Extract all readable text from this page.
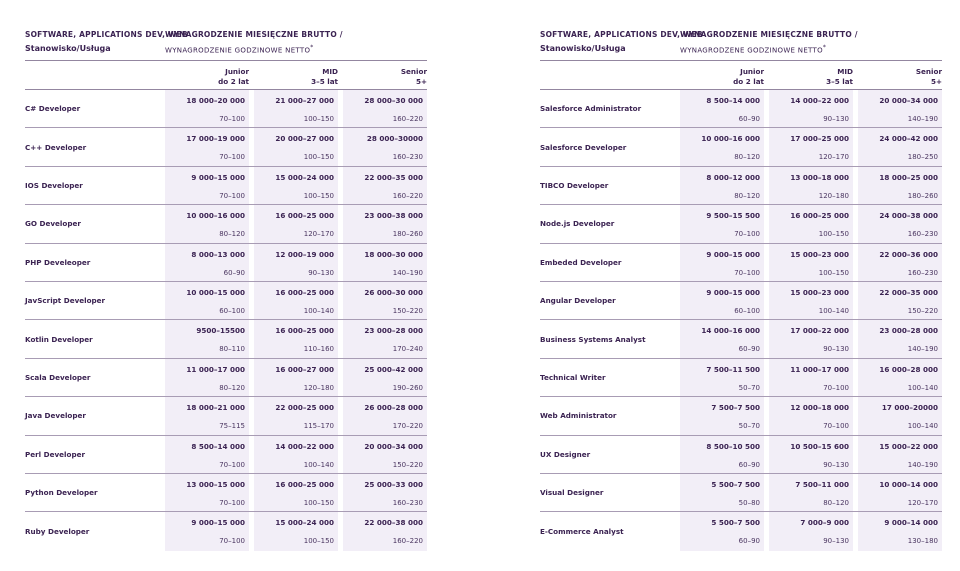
SOFTWARE, APPLICATIONS DEV, WEB
Stanowisko/Usługa
WYNAGRODZENIE MIESIĘCZNE BRUTTO /
WYNAGRODZENIE GODZINOWE NETTO*
Junior
do 2 lat
MID
3–5 lat
Senior
5+
C# Developer
18 000–20 000
70–100
21 000–27 000
100–150
28 000–30 000
160–220
C++ Developer
17 000–19 000
70–100
20 000–27 000
100–150
28 000–30000
160–230
IOS Developer
9 000–15 000
70–100
15 000–24 000
100–150
22 000–35 000
160–220
GO Developer
10 000–16 000
80–120
16 000–25 000
120–170
23 000–38 000
180–260
PHP Develeoper
8 000–13 000
60–90
12 000–19 000
90–130
18 000–30 000
140–190
JavScript Developer
10 000–15 000
60–100
16 000–25 000
100–140
26 000–30 000
150–220
Kotlin Developer
9500–15500
80–110
16 000–25 000
110–160
23 000–28 000
170–240
Scala Developer
11 000–17 000
80–120
16 000–27 000
120–180
25 000–42 000
190–260
Java Developer
18 000–21 000
75–115
22 000–25 000
115–170
26 000–28 000
170–220
Perl Developer
8 500–14 000
70–100
14 000–22 000
100–140
20 000–34 000
150–220
Python Developer
13 000–15 000
70–100
16 000–25 000
100–150
25 000–33 000
160–230
Ruby Developer
9 000–15 000
70–100
15 000–24 000
100–150
22 000–38 000
160–220
SOFTWARE, APPLICATIONS DEV, WEB
Stanowisko/Usługa
WYNAGRODZENIE MIESIĘCZNE BRUTTO /
WYNAGRODZENE GODZINOWE NETTO*
Junior
do 2 lat
MID
3–5 lat
Senior
5+
Salesforce Administrator
8 500–14 000
60–90
14 000–22 000
90–130
20 000–34 000
140–190
Salesforce Developer
10 000–16 000
80–120
17 000–25 000
120–170
24 000–42 000
180–250
TIBCO Developer
8 000–12 000
80–120
13 000–18 000
120–180
18 000–25 000
180–260
Node.js Developer
9 500–15 500
70–100
16 000–25 000
100–150
24 000–38 000
160–230
Embeded Developer
9 000–15 000
70–100
15 000–23 000
100–150
22 000–36 000
160–230
Angular Developer
9 000–15 000
60–100
15 000–23 000
100–140
22 000–35 000
150–220
Business Systems Analyst
14 000–16 000
60–90
17 000–22 000
90–130
23 000–28 000
140–190
Technical Writer
7 500–11 500
50–70
11 000–17 000
70–100
16 000–28 000
100–140
Web Administrator
7 500–7 500
50–70
12 000–18 000
70–100
17 000–20000
100–140
UX Designer
8 500–10 500
60–90
10 500–15 600
90–130
15 000–22 000
140–190
Visual Designer
5 500–7 500
50–80
7 500–11 000
80–120
10 000–14 000
120–170
E-Commerce Analyst
5 500–7 500
60–90
7 000–9 000
90–130
9 000–14 000
130–180
